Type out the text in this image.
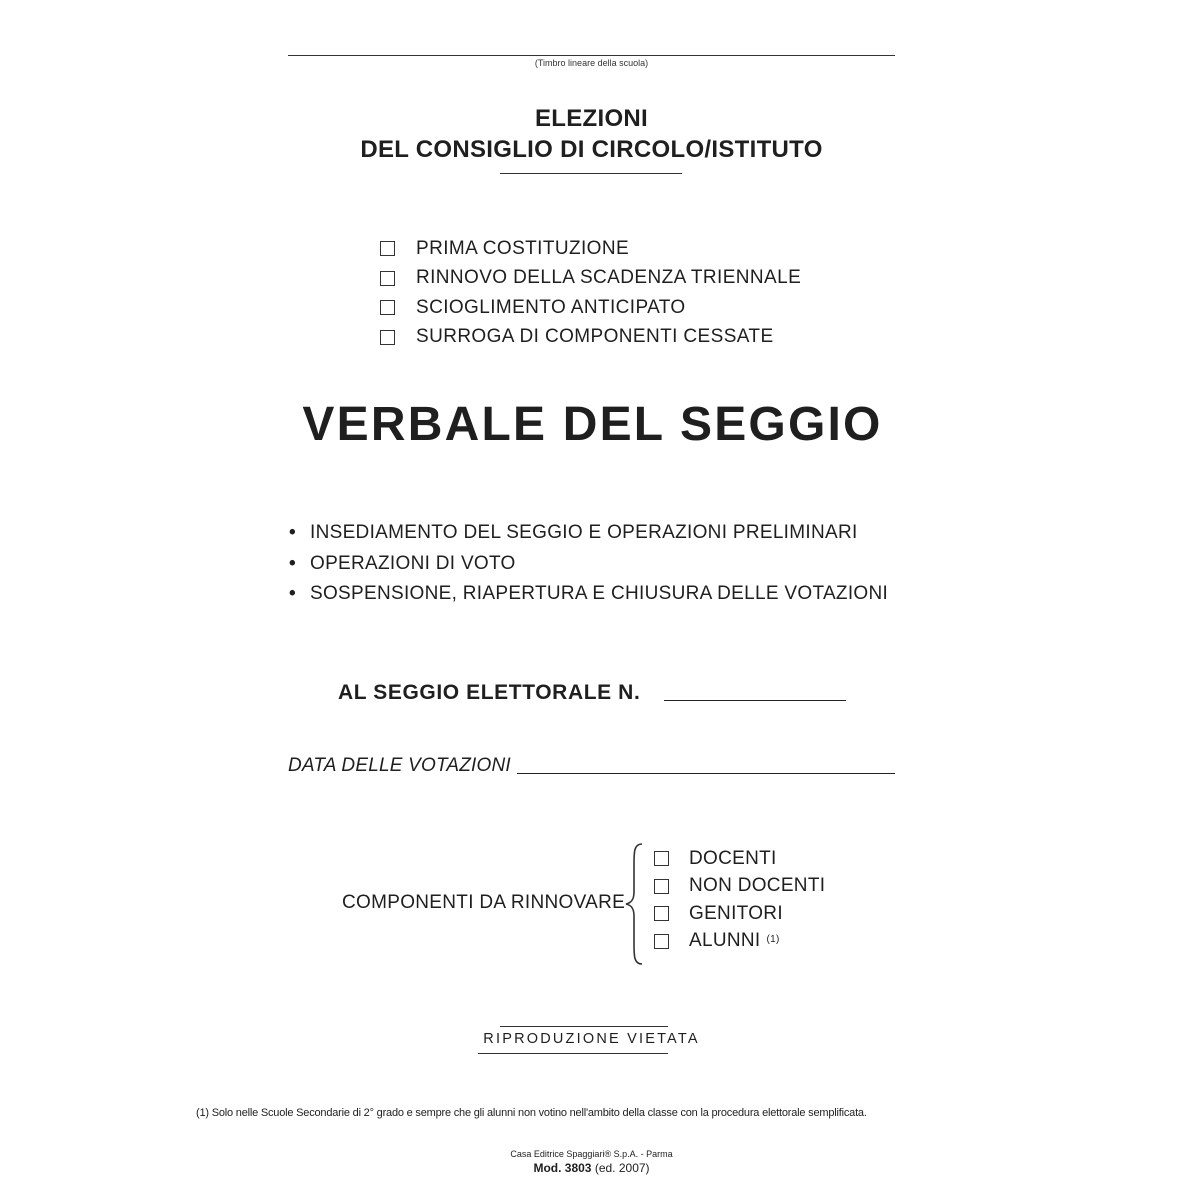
(Timbro lineare della scuola)
ELEZIONI
DEL CONSIGLIO DI CIRCOLO/ISTITUTO
PRIMA COSTITUZIONE
RINNOVO DELLA SCADENZA TRIENNALE
SCIOGLIMENTO ANTICIPATO
SURROGA DI COMPONENTI CESSATE
VERBALE DEL SEGGIO
• INSEDIAMENTO DEL SEGGIO E OPERAZIONI PRELIMINARI
• OPERAZIONI DI VOTO
• SOSPENSIONE, RIAPERTURA E CHIUSURA DELLE VOTAZIONI
AL SEGGIO ELETTORALE N.
DATA DELLE VOTAZIONI
COMPONENTI DA RINNOVARE
DOCENTI
NON DOCENTI
GENITORI
ALUNNI (1)
RIPRODUZIONE VIETATA
(1) Solo nelle Scuole Secondarie di 2° grado e sempre che gli alunni non votino nell'ambito della classe con la procedura elettorale semplificata.
Casa Editrice Spaggiari® S.p.A. - Parma
Mod. 3803 (ed. 2007)
